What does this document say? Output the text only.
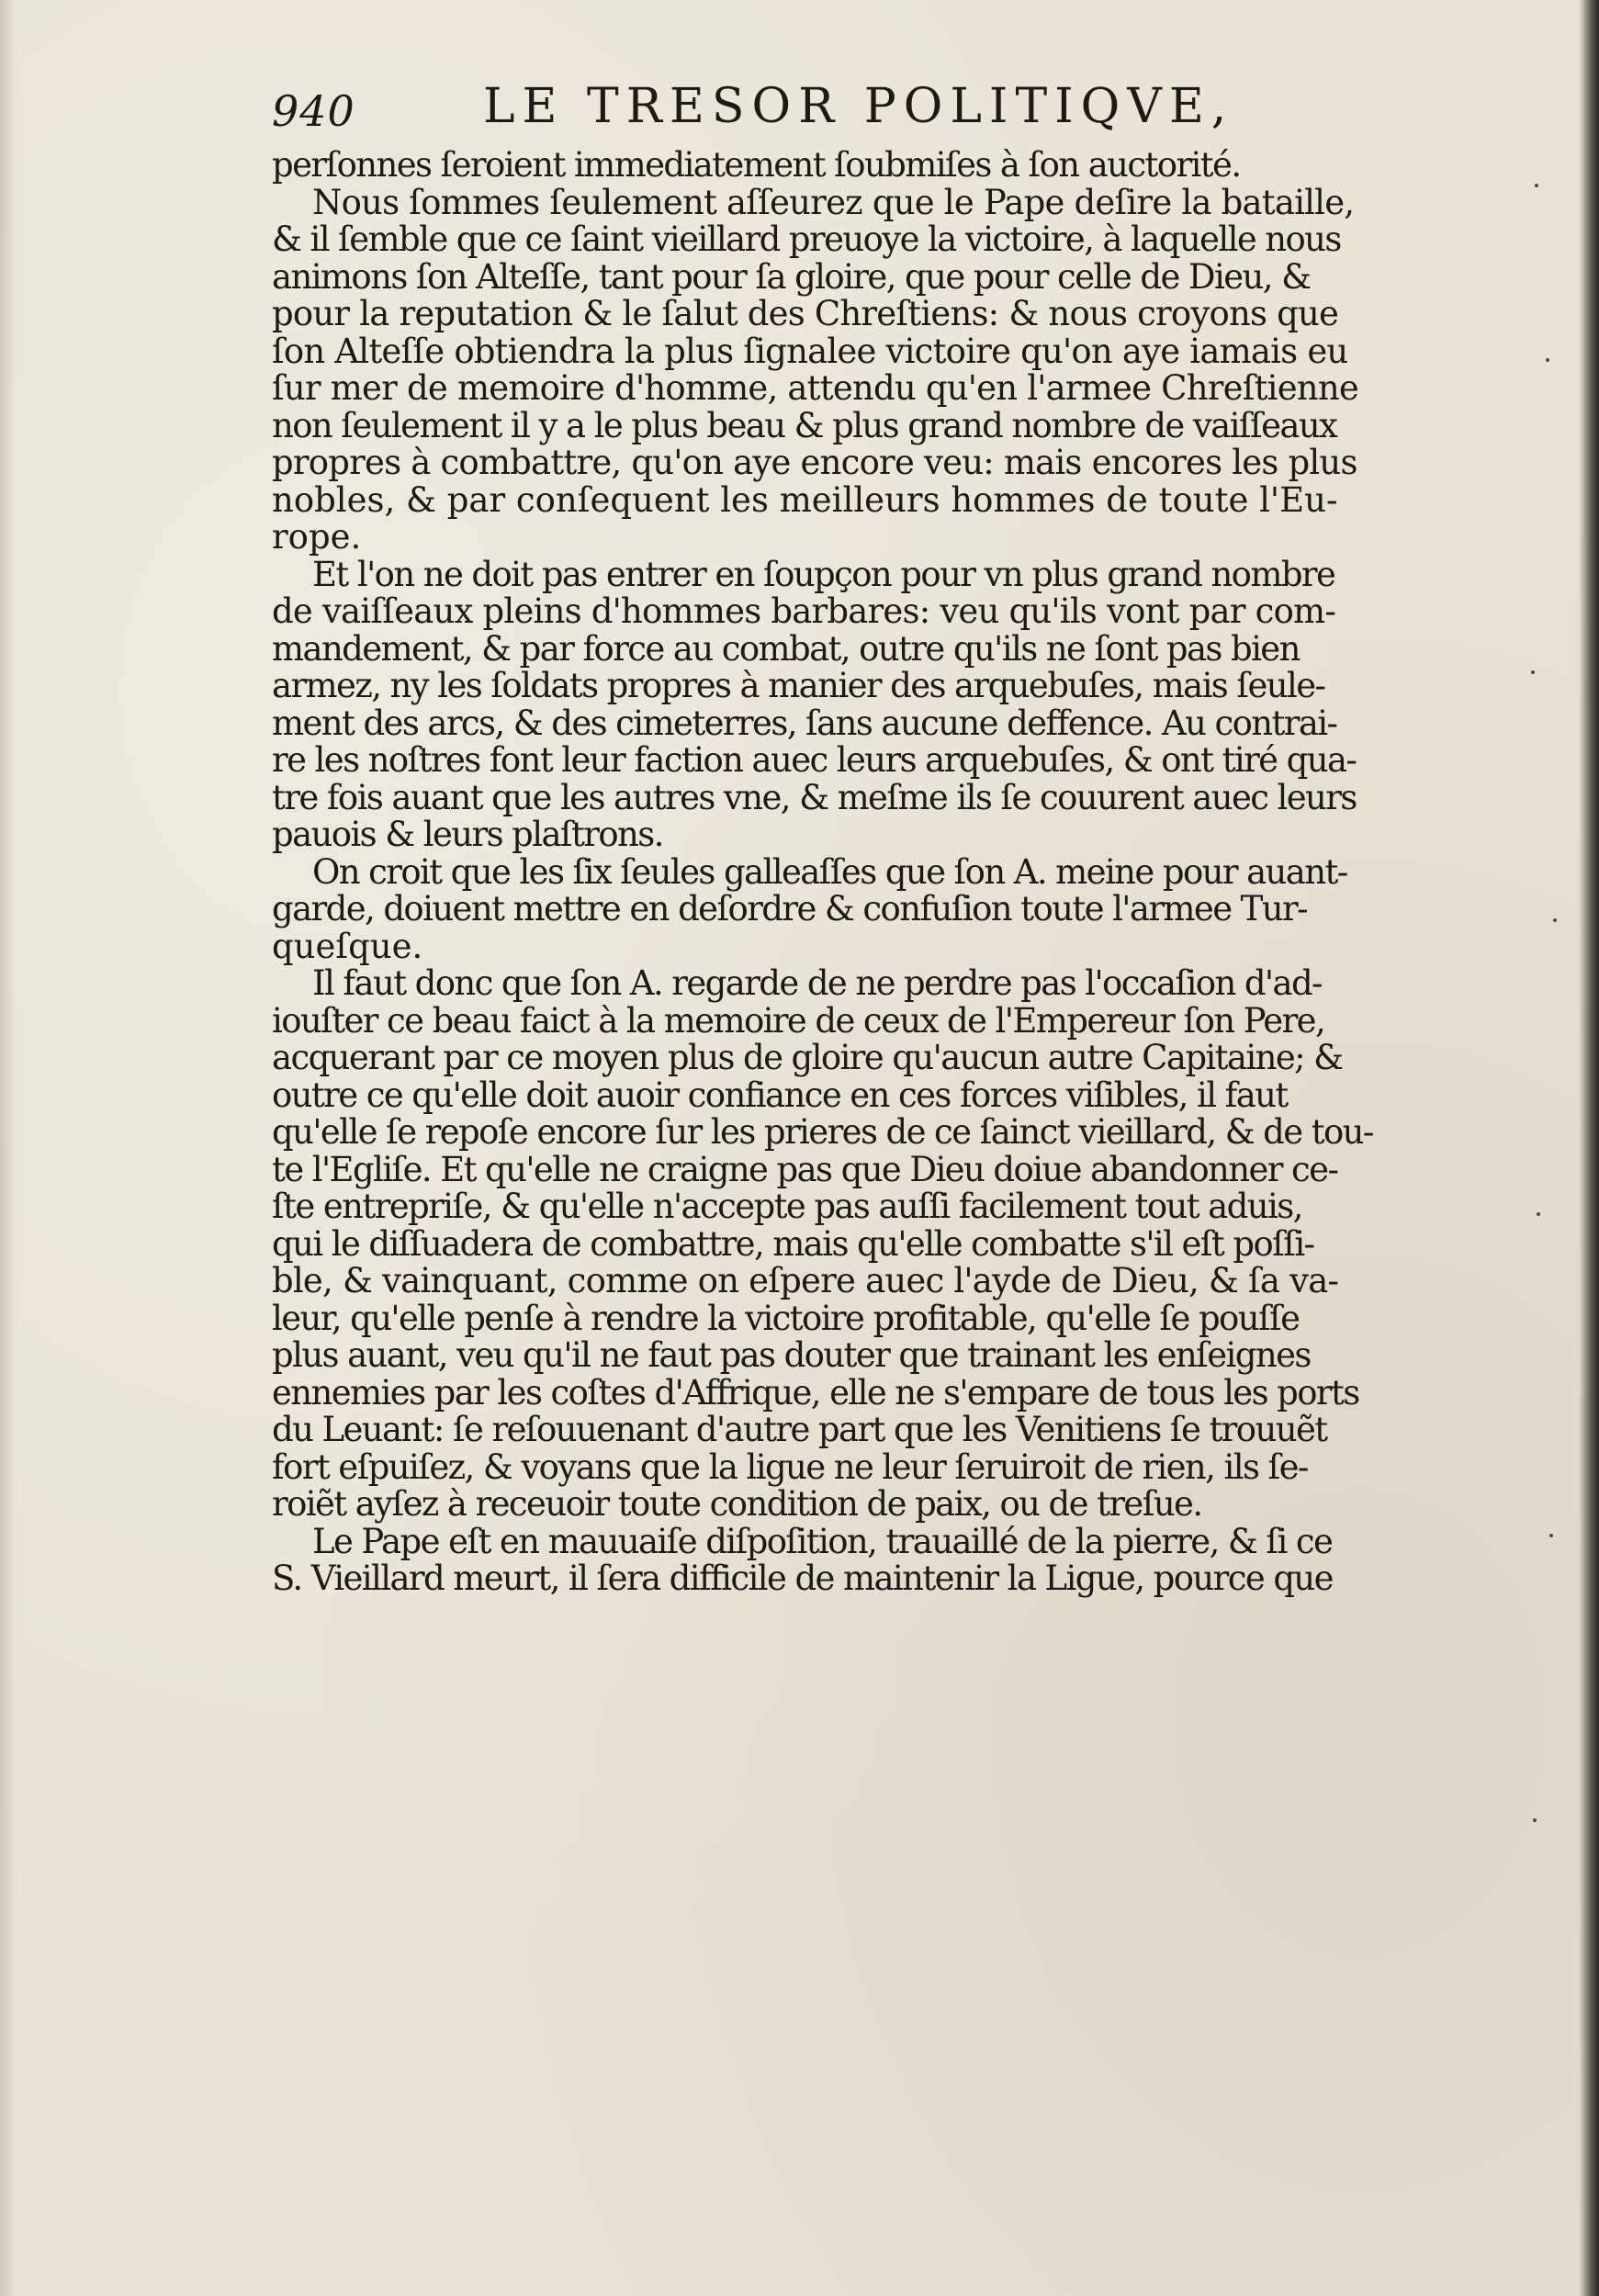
940	LE TRESOR POLITIQVE,
perſonnes ſeroient immediatement ſoubmiſes à ſon auctorité.
Nous ſommes ſeulement aſſeurez que le Pape deſire la bataille,
& il ſemble que ce ſaint vieillard preuoye la victoire, à laquelle nous
animons ſon Alteſſe, tant pour ſa gloire, que pour celle de Dieu, &
pour la reputation & le ſalut des Chreſtiens: & nous croyons que
ſon Alteſſe obtiendra la plus ſignalee victoire qu'on aye iamais eu
ſur mer de memoire d'homme, attendu qu'en l'armee Chreſtienne
non ſeulement il y a le plus beau & plus grand nombre de vaiſſeaux
propres à combattre, qu'on aye encore veu: mais encores les plus
nobles, & par conſequent les meilleurs hommes de toute l'Eu-
rope.
Et l'on ne doit pas entrer en ſoupçon pour vn plus grand nombre
de vaiſſeaux pleins d'hommes barbares: veu qu'ils vont par com-
mandement, & par force au combat, outre qu'ils ne ſont pas bien
armez, ny les ſoldats propres à manier des arquebuſes, mais ſeule-
ment des arcs, & des cimeterres, ſans aucune deffence. Au contrai-
re les noſtres font leur faction auec leurs arquebuſes, & ont tiré qua-
tre fois auant que les autres vne, & meſme ils ſe couurent auec leurs
pauois & leurs plaſtrons.
On croit que les ſix ſeules galleaſſes que ſon A. meine pour auant-
garde, doiuent mettre en deſordre & confuſion toute l'armee Tur-
queſque.
Il faut donc que ſon A. regarde de ne perdre pas l'occaſion d'ad-
iouſter ce beau faict à la memoire de ceux de l'Empereur ſon Pere,
acquerant par ce moyen plus de gloire qu'aucun autre Capitaine; &
outre ce qu'elle doit auoir confiance en ces forces viſibles, il faut
qu'elle ſe repoſe encore ſur les prieres de ce ſainct vieillard, & de tou-
te l'Egliſe. Et qu'elle ne craigne pas que Dieu doiue abandonner ce-
ſte entrepriſe, & qu'elle n'accepte pas auſſi facilement tout aduis,
qui le diſſuadera de combattre, mais qu'elle combatte s'il eſt poſſi-
ble, & vainquant, comme on eſpere auec l'ayde de Dieu, & ſa va-
leur, qu'elle penſe à rendre la victoire profitable, qu'elle ſe pouſſe
plus auant, veu qu'il ne faut pas douter que trainant les enſeignes
ennemies par les coſtes d'Affrique, elle ne s'empare de tous les ports
du Leuant: ſe reſouuenant d'autre part que les Venitiens ſe trouuẽt
fort eſpuiſez, & voyans que la ligue ne leur ſeruiroit de rien, ils ſe-
roiẽt ayſez à receuoir toute condition de paix, ou de treſue.
Le Pape eſt en mauuaiſe diſpoſition, trauaillé de la pierre, & ſi ce
S. Vieillard meurt, il ſera difficile de maintenir la Ligue, pource que
